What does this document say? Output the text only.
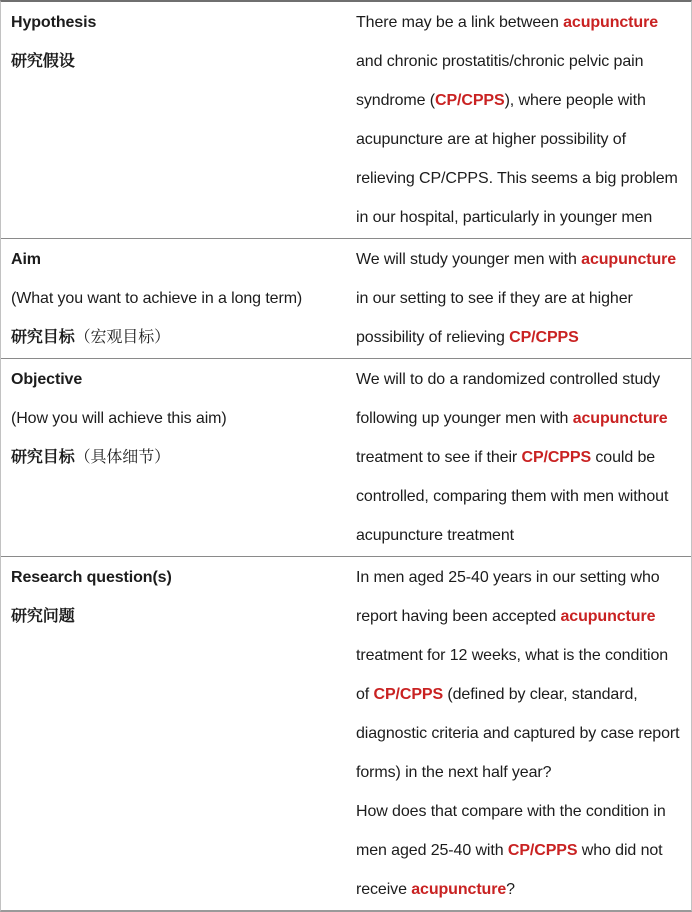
Hypothesis

研究假设

There may be a link between acupuncture and chronic prostatitis/chronic pelvic pain syndrome (CP/CPPS), where people with acupuncture are at higher possibility of relieving CP/CPPS. This seems a big problem in our hospital, particularly in younger men

Aim

(What you want to achieve in a long term)

研究目标（宏观目标）

We will study younger men with acupuncture in our setting to see if they are at higher possibility of relieving CP/CPPS

Objective

(How you will achieve this aim)

研究目标（具体细节）

We will to do a randomized controlled study following up younger men with acupuncture treatment to see if their CP/CPPS could be controlled, comparing them with men without acupuncture treatment

Research question(s)

研究问题

In men aged 25-40 years in our setting who report having been accepted acupuncture treatment for 12 weeks, what is the condition of CP/CPPS (defined by clear, standard, diagnostic criteria and captured by case report forms) in the next half year?

How does that compare with the condition in men aged 25-40 with CP/CPPS who did not receive acupuncture?
